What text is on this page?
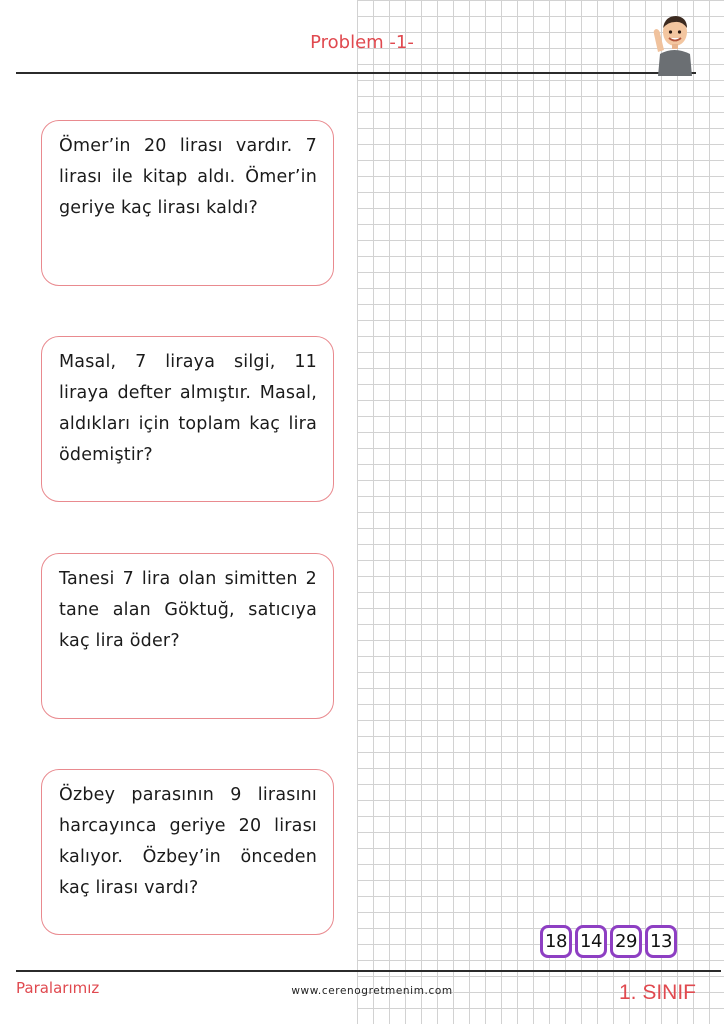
Problem -1-
Ömer’in 20 lirası vardır. 7 lirası ile kitap aldı. Ömer’in geriye kaç lirası kaldı?
Masal, 7 liraya silgi, 11 liraya defter almıştır. Masal, aldıkları için toplam kaç lira ödemiştir?
Tanesi 7 lira olan simitten 2 tane alan Göktuğ, satıcıya kaç lira öder?
Özbey parasının 9 lirasını harcayınca geriye 20 lirası kalıyor. Özbey’in önceden kaç lirası vardı?
18 14 29 13
Paralarımız	www.cerenogretmenim.com	1. SINIF
